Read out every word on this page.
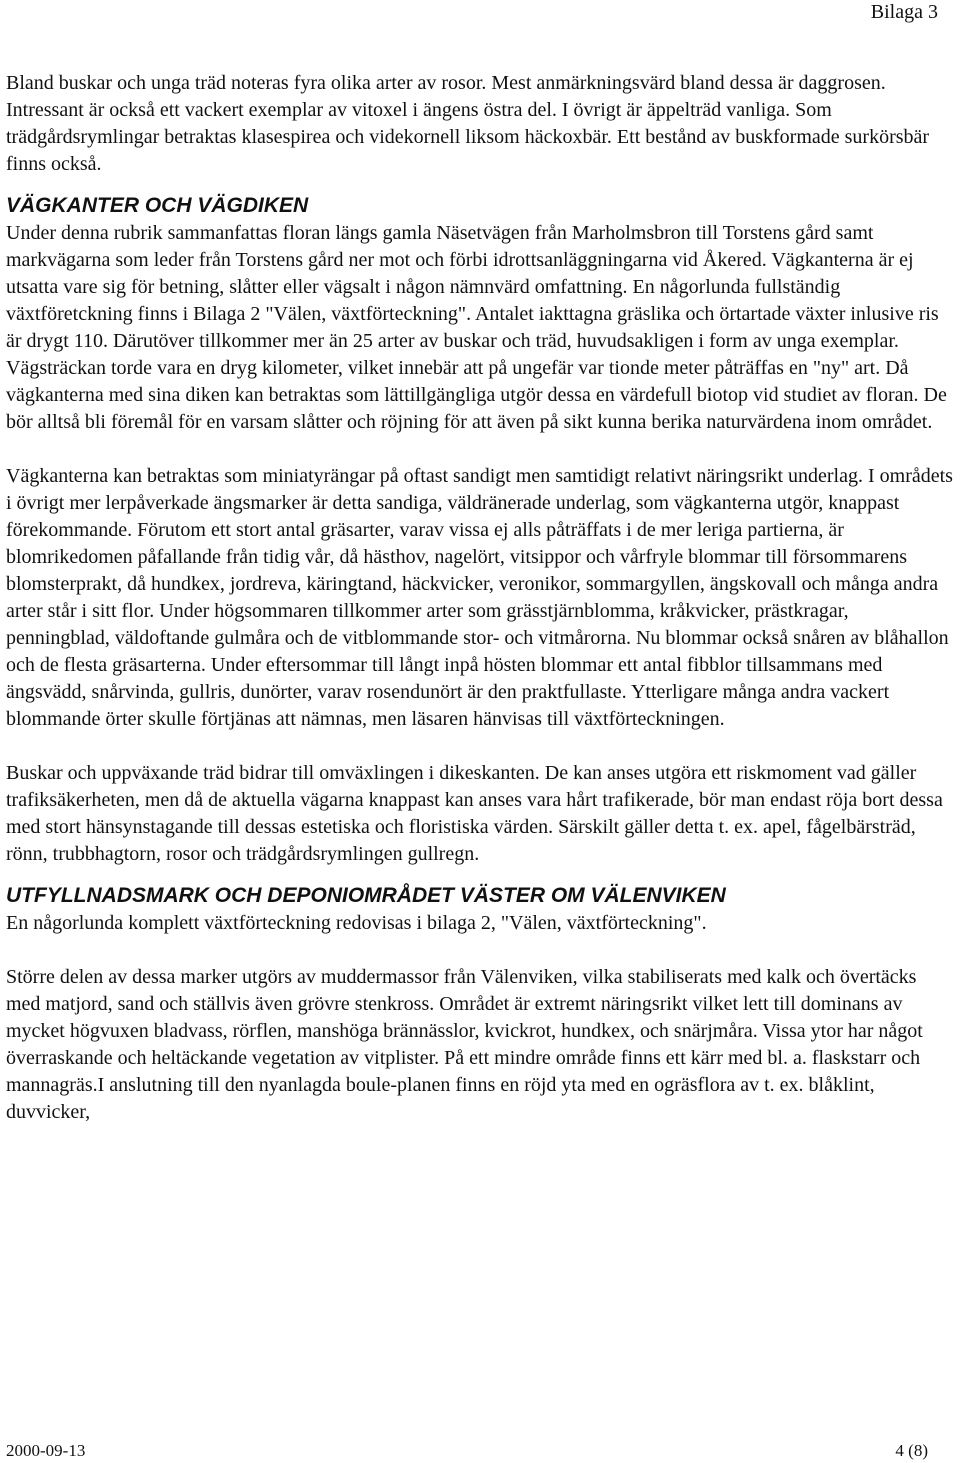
Bilaga 3

Bland buskar och unga träd noteras fyra olika arter av rosor. Mest anmärkningsvärd bland dessa är daggrosen. Intressant är också ett vackert exemplar av vitoxel i ängens östra del. I övrigt är äppelträd vanliga. Som trädgårdsrymlingar betraktas klasespirea och videkornell liksom häckoxbär. Ett bestånd av buskformade surkörsbär finns också.

VÄGKANTER OCH VÄGDIKEN

Under denna rubrik sammanfattas floran längs gamla Näsetvägen från Marholmsbron till Torstens gård samt markvägarna som leder från Torstens gård ner mot och förbi idrottsanläggningarna vid Åkered. Vägkanterna är ej utsatta vare sig för betning, slåtter eller vägsalt i någon nämnvärd omfattning. En någorlunda fullständig växtföretckning finns i Bilaga 2 "Välen, växtförteckning". Antalet iakttagna gräslika och örtartade växter inlusive ris är drygt 110. Därutöver tillkommer mer än 25 arter av buskar och träd, huvudsakligen i form av unga exemplar. Vägsträckan torde vara en dryg kilometer, vilket innebär att på ungefär var tionde meter påträffas en "ny" art. Då vägkanterna med sina diken kan betraktas som lättillgängliga utgör dessa en värdefull biotop vid studiet av floran. De bör alltså bli föremål för en varsam slåtter och röjning för att även på sikt kunna berika naturvärdena inom området.

Vägkanterna kan betraktas som miniatyrängar på oftast sandigt men samtidigt relativt näringsrikt underlag. I områdets i övrigt mer lerpåverkade ängsmarker är detta sandiga, väldränerade underlag, som vägkanterna utgör, knappast förekommande. Förutom ett stort antal gräsarter, varav vissa ej alls påträffats i de mer leriga partierna, är blomrikedomen påfallande från tidig vår, då hästhov, nagelört, vitsippor och vårfryle blommar till försommarens blomsterprakt, då hundkex, jordreva, käringtand, häckvicker, veronikor, sommargyllen, ängskovall och många andra arter står i sitt flor. Under högsommaren tillkommer arter som grässtjärnblomma, kråkvicker, prästkragar, penningblad, väldoftande gulmåra och de vitblommande stor- och vitmårorna. Nu blommar också snåren av blåhallon och de flesta gräsarterna. Under eftersommar till långt inpå hösten blommar ett antal fibblor tillsammans med ängsvädd, snårvinda, gullris, dunörter, varav rosendunört är den praktfullaste. Ytterligare många andra vackert blommande örter skulle förtjänas att nämnas, men läsaren hänvisas till växtförteckningen.

Buskar och uppväxande träd bidrar till omväxlingen i dikeskanten. De kan anses utgöra ett riskmoment vad gäller trafiksäkerheten, men då de aktuella vägarna knappast kan anses vara hårt trafikerade, bör man endast röja bort dessa med stort hänsynstagande till dessas estetiska och floristiska värden. Särskilt gäller detta t. ex. apel, fågelbärsträd, rönn, trubbhagtorn, rosor och trädgårdsrymlingen gullregn.

UTFYLLNADSMARK OCH DEPONIOMRÅDET VÄSTER OM VÄLENVIKEN

En någorlunda komplett växtförteckning redovisas i bilaga 2, "Välen, växtförteckning".

Större delen av dessa marker utgörs av muddermassor från Välenviken, vilka stabiliserats med kalk och övertäcks med matjord, sand och ställvis även grövre stenkross. Området är extremt näringsrikt vilket lett till dominans av mycket högvuxen bladvass, rörflen, manshöga brännässlor, kvickrot, hundkex, och snärjmåra. Vissa ytor har något överraskande och heltäckande vegetation av vitplister. På ett mindre område finns ett kärr med bl. a. flaskstarr och mannagräs.I anslutning till den nyanlagda boule-planen finns en röjd yta med en ogräsflora av t. ex. blåklint, duvvicker,

2000-09-13	4 (8)
